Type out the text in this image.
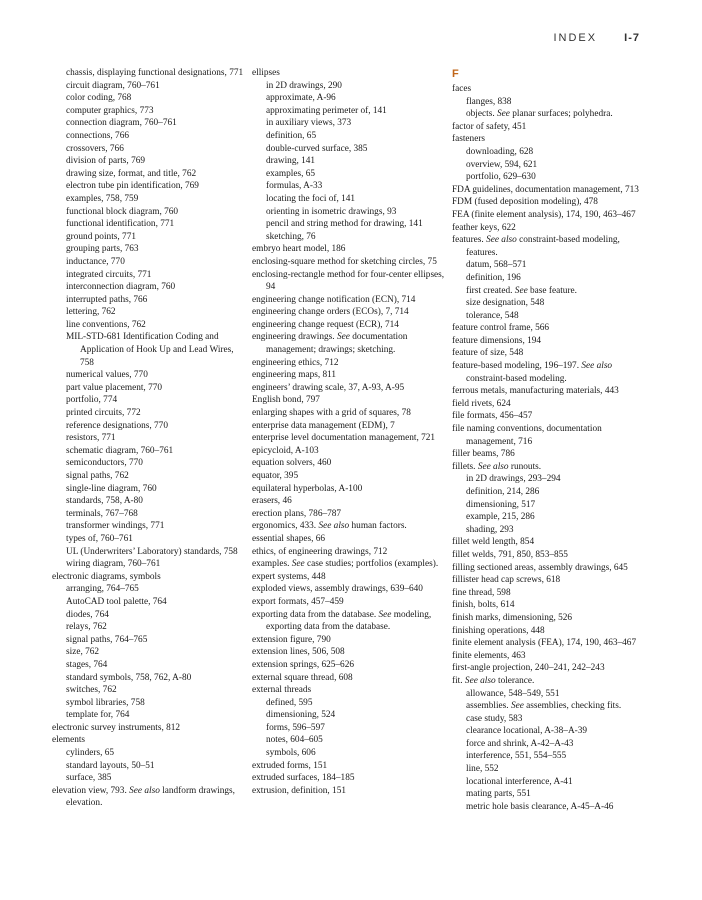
INDEX I-7
chassis, displaying functional designations, 771
circuit diagram, 760–761
color coding, 768
computer graphics, 773
connection diagram, 760–761
connections, 766
crossovers, 766
division of parts, 769
drawing size, format, and title, 762
electron tube pin identification, 769
examples, 758, 759
functional block diagram, 760
functional identification, 771
ground points, 771
grouping parts, 763
inductance, 770
integrated circuits, 771
interconnection diagram, 760
interrupted paths, 766
lettering, 762
line conventions, 762
MIL-STD-681 Identification Coding and Application of Hook Up and Lead Wires, 758
numerical values, 770
part value placement, 770
portfolio, 774
printed circuits, 772
reference designations, 770
resistors, 771
schematic diagram, 760–761
semiconductors, 770
signal paths, 762
single-line diagram, 760
standards, 758, A-80
terminals, 767–768
transformer windings, 771
types of, 760–761
UL (Underwriters’ Laboratory) standards, 758
wiring diagram, 760–761
electronic diagrams, symbols
arranging, 764–765
AutoCAD tool palette, 764
diodes, 764
relays, 762
signal paths, 764–765
size, 762
stages, 764
standard symbols, 758, 762, A-80
switches, 762
symbol libraries, 758
template for, 764
electronic survey instruments, 812
elements
cylinders, 65
standard layouts, 50–51
surface, 385
elevation view, 793. See also landform drawings, elevation.
ellipses
in 2D drawings, 290
approximate, A-96
approximating perimeter of, 141
in auxiliary views, 373
definition, 65
double-curved surface, 385
drawing, 141
examples, 65
formulas, A-33
locating the foci of, 141
orienting in isometric drawings, 93
pencil and string method for drawing, 141
sketching, 76
embryo heart model, 186
enclosing-square method for sketching circles, 75
enclosing-rectangle method for four-center ellipses, 94
engineering change notification (ECN), 714
engineering change orders (ECOs), 7, 714
engineering change request (ECR), 714
engineering drawings. See documentation management; drawings; sketching.
engineering ethics, 712
engineering maps, 811
engineers’ drawing scale, 37, A-93, A-95
English bond, 797
enlarging shapes with a grid of squares, 78
enterprise data management (EDM), 7
enterprise level documentation management, 721
epicycloid, A-103
equation solvers, 460
equator, 395
equilateral hyperbolas, A-100
erasers, 46
erection plans, 786–787
ergonomics, 433. See also human factors.
essential shapes, 66
ethics, of engineering drawings, 712
examples. See case studies; portfolios (examples).
expert systems, 448
exploded views, assembly drawings, 639–640
export formats, 457–459
exporting data from the database. See modeling, exporting data from the database.
extension figure, 790
extension lines, 506, 508
extension springs, 625–626
external square thread, 608
external threads
defined, 595
dimensioning, 524
forms, 596–597
notes, 604–605
symbols, 606
extruded forms, 151
extruded surfaces, 184–185
extrusion, definition, 151
F
faces
flanges, 838
objects. See planar surfaces; polyhedra.
factor of safety, 451
fasteners
downloading, 628
overview, 594, 621
portfolio, 629–630
FDA guidelines, documentation management, 713
FDM (fused deposition modeling), 478
FEA (finite element analysis), 174, 190, 463–467
feather keys, 622
features. See also constraint-based modeling, features.
datum, 568–571
definition, 196
first created. See base feature.
size designation, 548
tolerance, 548
feature control frame, 566
feature dimensions, 194
feature of size, 548
feature-based modeling, 196–197. See also constraint-based modeling.
ferrous metals, manufacturing materials, 443
field rivets, 624
file formats, 456–457
file naming conventions, documentation management, 716
filler beams, 786
fillets. See also runouts.
in 2D drawings, 293–294
definition, 214, 286
dimensioning, 517
example, 215, 286
shading, 293
fillet weld length, 854
fillet welds, 791, 850, 853–855
filling sectioned areas, assembly drawings, 645
fillister head cap screws, 618
fine thread, 598
finish, bolts, 614
finish marks, dimensioning, 526
finishing operations, 448
finite element analysis (FEA), 174, 190, 463–467
finite elements, 463
first-angle projection, 240–241, 242–243
fit. See also tolerance.
allowance, 548–549, 551
assemblies. See assemblies, checking fits.
case study, 583
clearance locational, A-38–A-39
force and shrink, A-42–A-43
interference, 551, 554–555
line, 552
locational interference, A-41
mating parts, 551
metric hole basis clearance, A-45–A-46
